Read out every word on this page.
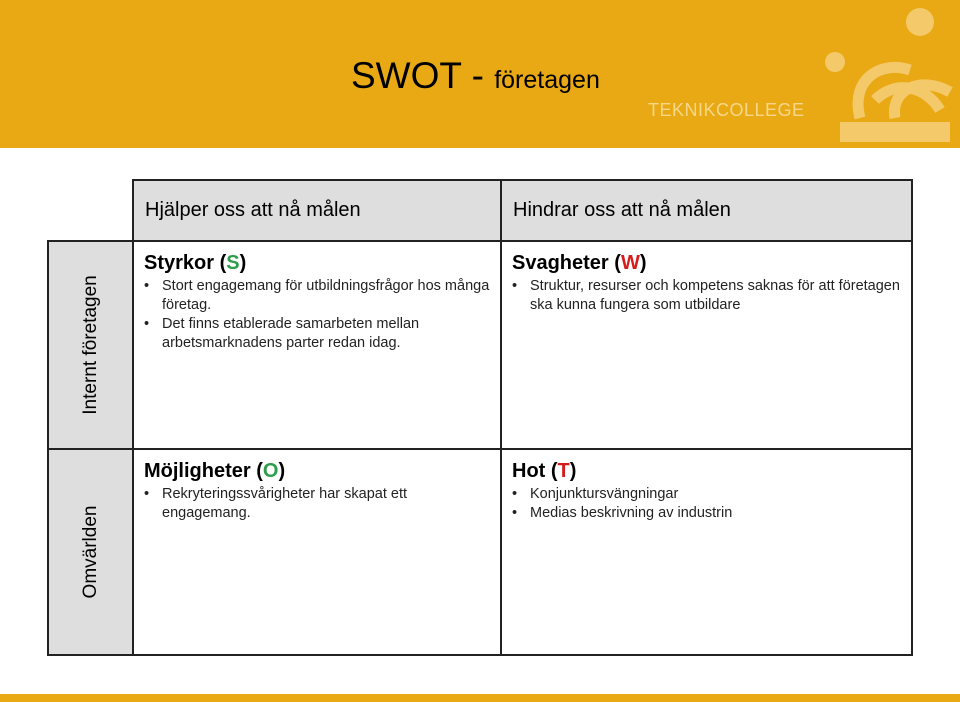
SWOT - företagen
TEKNIKCOLLEGE
Hjälper oss att nå målen	Hindrar oss att nå målen
Internt företagen
Omvärlden
Styrkor (S)
• Stort engagemang för utbildningsfrågor hos många företag.
• Det finns etablerade samarbeten mellan arbetsmarknadens parter redan idag.
Svagheter (W)
• Struktur, resurser och kompetens saknas för att företagen ska kunna fungera som utbildare
Möjligheter (O)
• Rekryteringssvårigheter har skapat ett engagemang.
Hot (T)
• Konjunktursvängningar
• Medias beskrivning av industrin
